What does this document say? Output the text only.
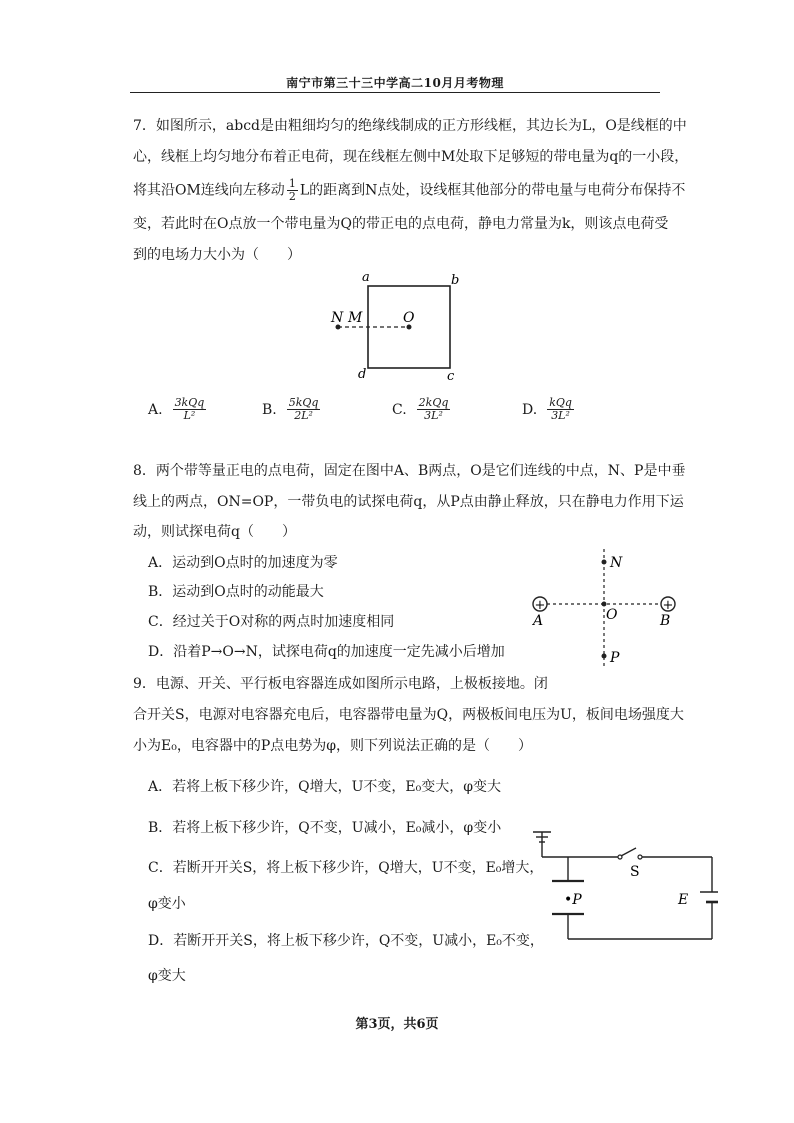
南宁市第三十三中学高二10月月考物理
7．如图所示，abcd是由粗细均匀的绝缘线制成的正方形线框，其边长为L，O是线框的中
心，线框上均匀地分布着正电荷，现在线框左侧中M处取下足够短的带电量为q的一小段，
将其沿OM连线向左移动 $\frac{1}{2}$ L的距离到N点处，设线框其他部分的带电量与电荷分布保持不
变，若此时在O点放一个带电量为Q的带正电的点电荷，静电力常量为k，则该点电荷受
到的电场力大小为（　　）
a	b
c
d
N M	O
A. $\frac{\text{3kQq}}{\text{L²}}$	B. $\frac{\text{5kQq}}{\text{2L²}}$	C. $\frac{\text{2kQq}}{\text{3L²}}$	D. $\frac{\text{kQq}}{\text{3L²}}$
8．两个带等量正电的点电荷，固定在图中A、B两点，O是它们连线的中点，N、P是中垂
线上的两点，ON=OP，一带负电的试探电荷q，从P点由静止释放，只在静电力作用下运
动，则试探电荷q（　　）
A．运动到O点时的加速度为零
B．运动到O点时的动能最大
C．经过关于O对称的两点时加速度相同
D．沿着P→O→N，试探电荷q的加速度一定先减小后增加
+	+
N
O
A	B
P
9．电源、开关、平行板电容器连成如图所示电路，上极板接地。闭
合开关S，电源对电容器充电后，电容器带电量为Q，两极板间电压为U，板间电场强度大
小为E₀，电容器中的P点电势为φ，则下列说法正确的是（　　）
A．若将上板下移少许，Q增大，U不变，E₀变大，φ变大
B．若将上板下移少许，Q不变，U减小，E₀减小，φ变小
C．若断开开关S，将上板下移少许，Q增大，U不变，E₀增大，
φ变小
D．若断开开关S，将上板下移少许，Q不变，U减小，E₀不变，
φ变大
S
E
•P
第3页，共6页
